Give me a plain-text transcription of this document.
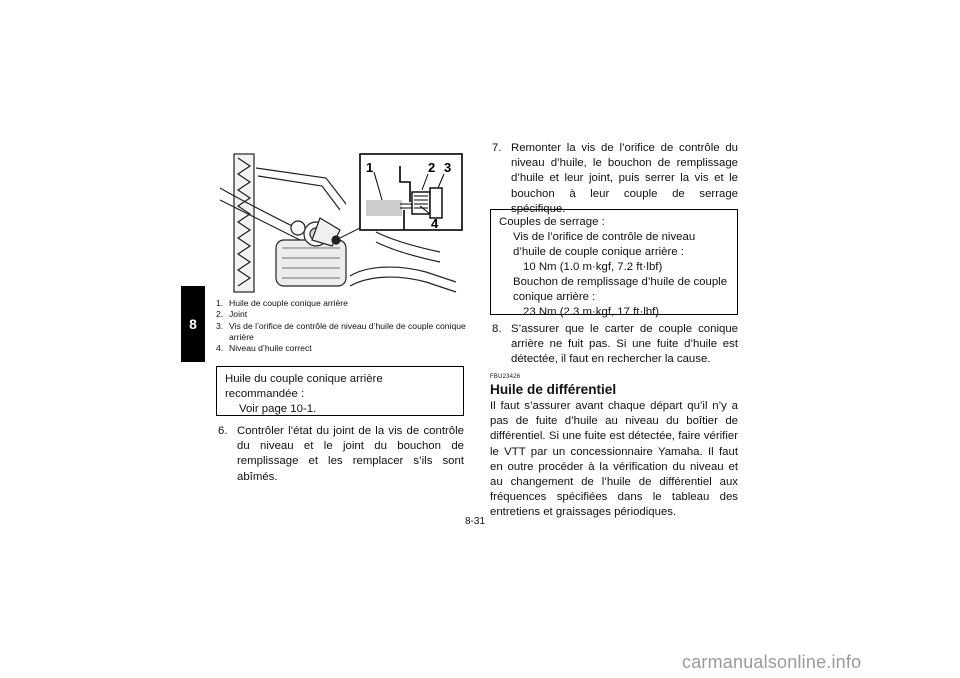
8
1	2 3
4
1. Huile de couple conique arrière
2. Joint
3. Vis de l’orifice de contrôle de niveau d’huile de couple conique arrière
4. Niveau d’huile correct
Huile du couple conique arrière
recommandée :
Voir page 10-1.
6. Contrôler l’état du joint de la vis de contrôle du niveau et le joint du bouchon de remplissage et les remplacer s’ils sont abîmés.
7. Remonter la vis de l’orifice de contrôle du niveau d’huile, le bouchon de remplissage d’huile et leur joint, puis serrer la vis et le bouchon à leur couple de serrage spécifique.
Couples de serrage :
Vis de l’orifice de contrôle de niveau d’huile de couple conique arrière :
10 Nm (1.0 m·kgf, 7.2 ft·lbf)
Bouchon de remplissage d’huile de couple conique arrière :
23 Nm (2.3 m·kgf, 17 ft·lbf)
8. S’assurer que le carter de couple conique arrière ne fuit pas. Si une fuite d’huile est détectée, il faut en rechercher la cause.
FBU23426
Huile de différentiel
Il faut s’assurer avant chaque départ qu’il n’y a pas de fuite d’huile au niveau du boîtier de différentiel. Si une fuite est détectée, faire vérifier le VTT par un concessionnaire Yamaha. Il faut en outre procéder à la vérification du niveau et au changement de l’huile de différentiel aux fréquences spécifiées dans le tableau des entretiens et graissages périodiques.
8-31
carmanualsonline.info
